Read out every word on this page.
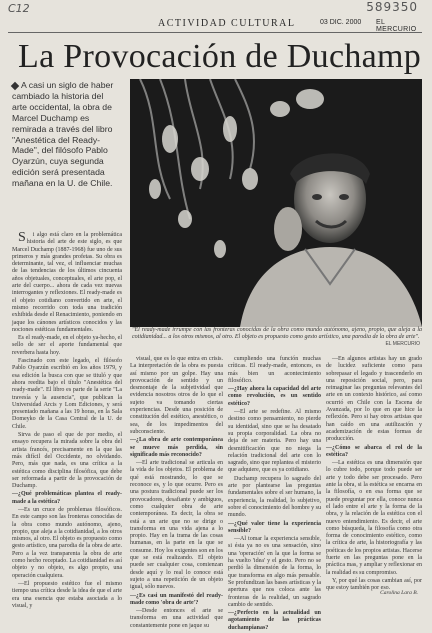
C12	589350
ACTIVIDAD CULTURAL	03 DIC. 2000 EL MERCURIO
La Provocación de Duchamp
A casi un siglo de haber cambiado la historia del arte occidental, la obra de Marcel Duchamp es remirada a través del libro "Anestética del Ready-Made", del filósofo Pablo Oyarzún, cuya segunda edición será presentada mañana en la U. de Chile.
"El ready-made irrumpe con las fronteras conocidas de la obra como mundo autónomo, ajeno, propio, que aleja a la cotidianidad... a los otros mismos, al otro. El objeto es propuesto como gesto artístico, una parodia de la obra de arte".
EL MERCURIO

Si algo está claro en la problemática historia del arte de este siglo, es que Marcel Duchamp (1887-1968) fue uno de sus primeros y más grandes profetas. Su obra es determinante, tal vez, el influenciar muchas de las tendencias de los últimos cincuenta años objetuales, conceptuales, el arte pop, el arte del cuerpo... ahora de cada vez nuevas interrogantes y reflexiones. El ready-made es el objeto cotidiano convertido en arte, el mismo recorrido con toda una tradición exhibida desde el Renacimiento, poniendo en jaque los cánones artísticos conocidos y las nociones estéticas fundamentales.

Es el ready-made, en el objeto ya-hecho, el sello de ser el aporte fundamental que reverbera hasta hoy.

Fascinado con este legado, el filósofo Pablo Oyarzún escribió en los años 1979, y esa edición la busca con que se tituló y que ahora reedita bajo el título "Anestética del ready-made". El libro es parte de la serie "La travesía y la ausencia", que publican la Universidad Arcis y Lom Ediciones, y será presentado mañana a las 19 horas, en la Sala Domeyko de la Casa Central de la U. de Chile.

Sirva de paso el que de por medio, el ensayo recupera la mirada sobre la obra del artista francés, precisamente en la que las más difícil del Occidente, no olvidando. Pero, más que nada, es una crítica a la estética como disciplina filosófica, que debe ser reformada a partir de la provocación de Duchamp.

—¿Qué problemáticas plantea el ready-made a la estética?

—Es un cruce de problemas filosóficos. En este campo son las fronteras conocidas de la obra como mundo autónomo, ajeno, propio, que aleja a la cotidianidad, a los otros mismos, al otro. El objeto es propuesto como gesto artístico, una parodia de la obra de arte. Pero a la vez transparenta la obra de arte como hecho receptado. La cotidianidad es así objeto y no objeto, es algo propio, una operación cualquiera.

—El propuesto estético fue el mismo tiempo una crítica desde la idea de que el arte era una esencia que estaba asociada a lo visual, y

visual, que es lo que entra en crisis. La interpretación de la obra es puesta así mismo por un golpe. Hay una provocación de sentido y un desmontaje de la subjetividad que evidencia nosotros otros de lo que el sujeto va tomando ciertas experiencias. Desde una posición de constitución del estético, anestético, o sea, de los impedimentos del subconsciente.

—¿La obra de arte contemporánea se mueve más perdida, sin significado más reconocido?

—El arte tradicional se articula en la vida de los objetos. El problema de qué está mostrando, lo que se reconoce es, y lo que ocurre. Pero es una postura tradicional puede ser los provocadores, desafiante y ambiguos, como cualquier obra de arte contemporánea. Es decir, la obra se está a un arte que no se dirige o transforma en una vida ajena a lo propio. Hay en la trama de las cosas humanas, en la parte en la que se consume. Hoy los exigentes son en los que se está realizando. El objeto puede ser cualquier cosa, comienzan desde aquí y lo real lo conoce está sujeto a una repetición de un objeto igual, sólo nuevos.

—¿Es casi un manifestó del ready-made como 'obra de arte'?

—Desde entonces el arte se transforma en una actividad que constantemente pone en jaque su

cumpliendo una función muchas críticas. El ready-made, entonces, es más bien un acontecimiento filosófico.

—¿Hay ahora la capacidad del arte como revolución, es un sentido estético?

—El arte se redefine. Al mismo destino como pensamiento, no pierde su identidad, sino que se ha desatado su propia corporalidad. La obra no deja de ser materia. Pero hay una desmitificación que no niega la relación tradicional del arte con lo sagrado, sino que replantea el misterio que adquiere, que es ya cotidiano.

Duchamp recupera lo sagrado del arte por plantearse las preguntas fundamentales sobre el ser humano, la experiencia, la realidad, lo subjetivo, sobre el conocimiento del hombre y su mundo.

—¿Qué valor tiene la experiencia sensible?

—Al tomar la experiencia sensible, si ésta ya no es una sensación, sino una 'operación' en la que la forma se ha vuelto 'idea' y el gesto. Pero no se perdió la dimensión de la forma, lo que transforma en algo más pensable. Se profundizan las bases artísticas y la apertura que nos coloca ante las fronteras de la realidad, un sagrado cambio de sentido.

—¿Perfecto en la actualidad un agotamiento de las prácticas duchampianas?

—En algunos artistas hay un grado de lucidez suficiente como para sobrepasar el legado y trascenderlo en una reposición social, pero, para reimaginar las preguntas relevantes del arte en un contexto histórico, así como ocurrió en Chile con la Escena de Avanzada, por lo que en que hice la reflexión. Pero si hay otros artistas que han caído en una autilización y academización de estas formas de producción.

—¿Cómo se abarca el rol de la estética?

—La estética es una dimensión que lo cubre todo, porque todo puede ser arte y todo debe ser procesado. Pero ante la obra, si la estética se encarna en la filosofía, o en esa forma que se puede preguntar por ella, conoce nunca el lado entre el arte y la forma de la obra, y la relación de la estética con el nuevo entendimiento. Es decir, el arte como búsqueda, la filosofía como otra forma de conocimiento estético, como la crítica de arte, la historiografía y las poéticas de los propios artistas. Hacerse fuerte en las preguntas pone en la práctica mas, y ampliar y reflexionar en la realidad es su compromiso.

Y, por qué las cosas cambian así, por que estoy también por eso.

Carolina Lara B.
